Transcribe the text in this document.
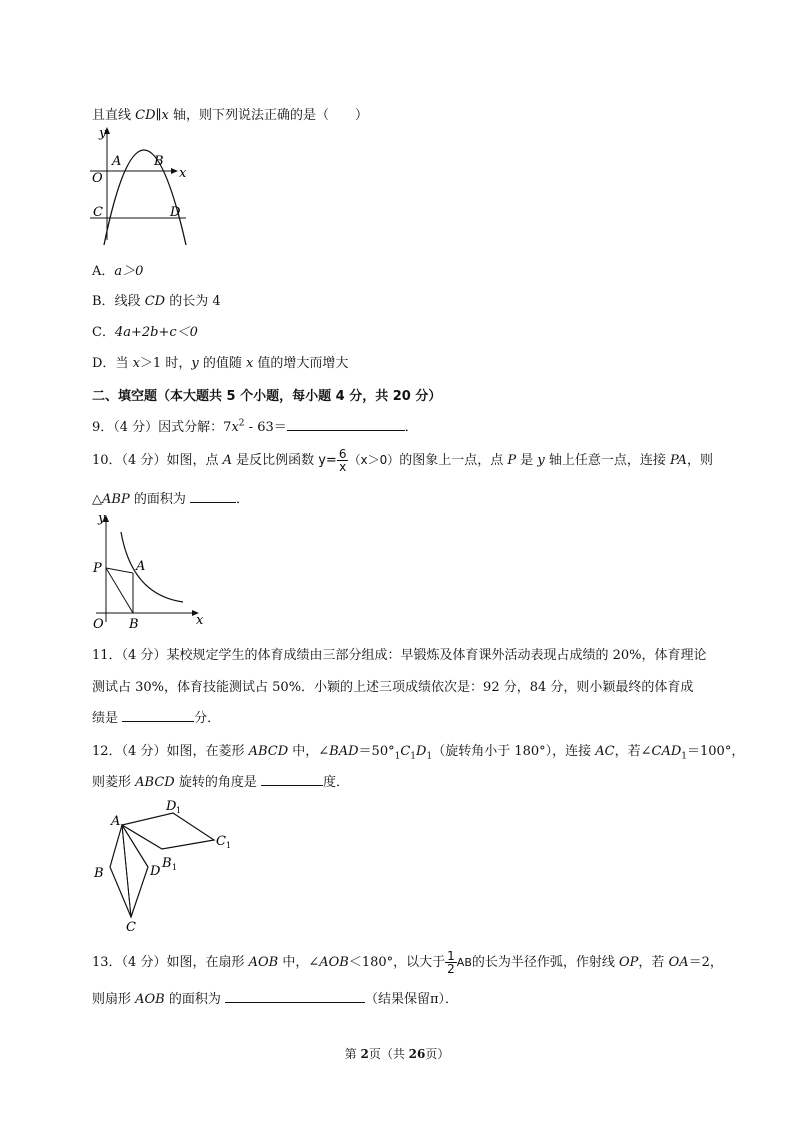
且直线 CD∥x 轴，则下列说法正确的是（　　）
y
x
O
A	B
C	D
A．a＞0
B．线段 CD 的长为 4
C．4a+2b+c＜0
D．当 x＞1 时，y 的值随 x 值的增大而增大
二、填空题（本大题共 5 个小题，每小题 4 分，共 20 分）
9．（4 分）因式分解：$7x^2 - 63=$	．
10．（4 分）如图，点 A 是反比例函数 $y= \frac{6}{x} (x>0)$的图象上一点，点 P 是 y 轴上任意一点，连接 PA，则
△ABP 的面积为	．
y
x
O
P	A
B
11．（4 分）某校规定学生的体育成绩由三部分组成：早锻炼及体育课外活动表现占成绩的 20%，体育理论
测试占 30%，体育技能测试占 50%．小颖的上述三项成绩依次是：92 分，84 分，则小颖最终的体育成
绩是	分．
12．（4 分）如图，在菱形 ABCD 中，$\angle BAD=50^\circ_1C_1D_1$（旋转角小于 180°），连接 AC，若$\angle CAD_1=100^\circ$，
则菱形 ABCD 旋转的角度是	度．
A
B
C
D
B 1
C 1
D 1
13．（4 分）如图，在扇形 AOB 中，∠AOB＜180°，以大于 $\frac{1}{2}$ AB的长为半径作弧，作射线 OP，若 OA＝2，
则扇形 AOB 的面积为	（结果保留π）．
第 2页（共 26页）
